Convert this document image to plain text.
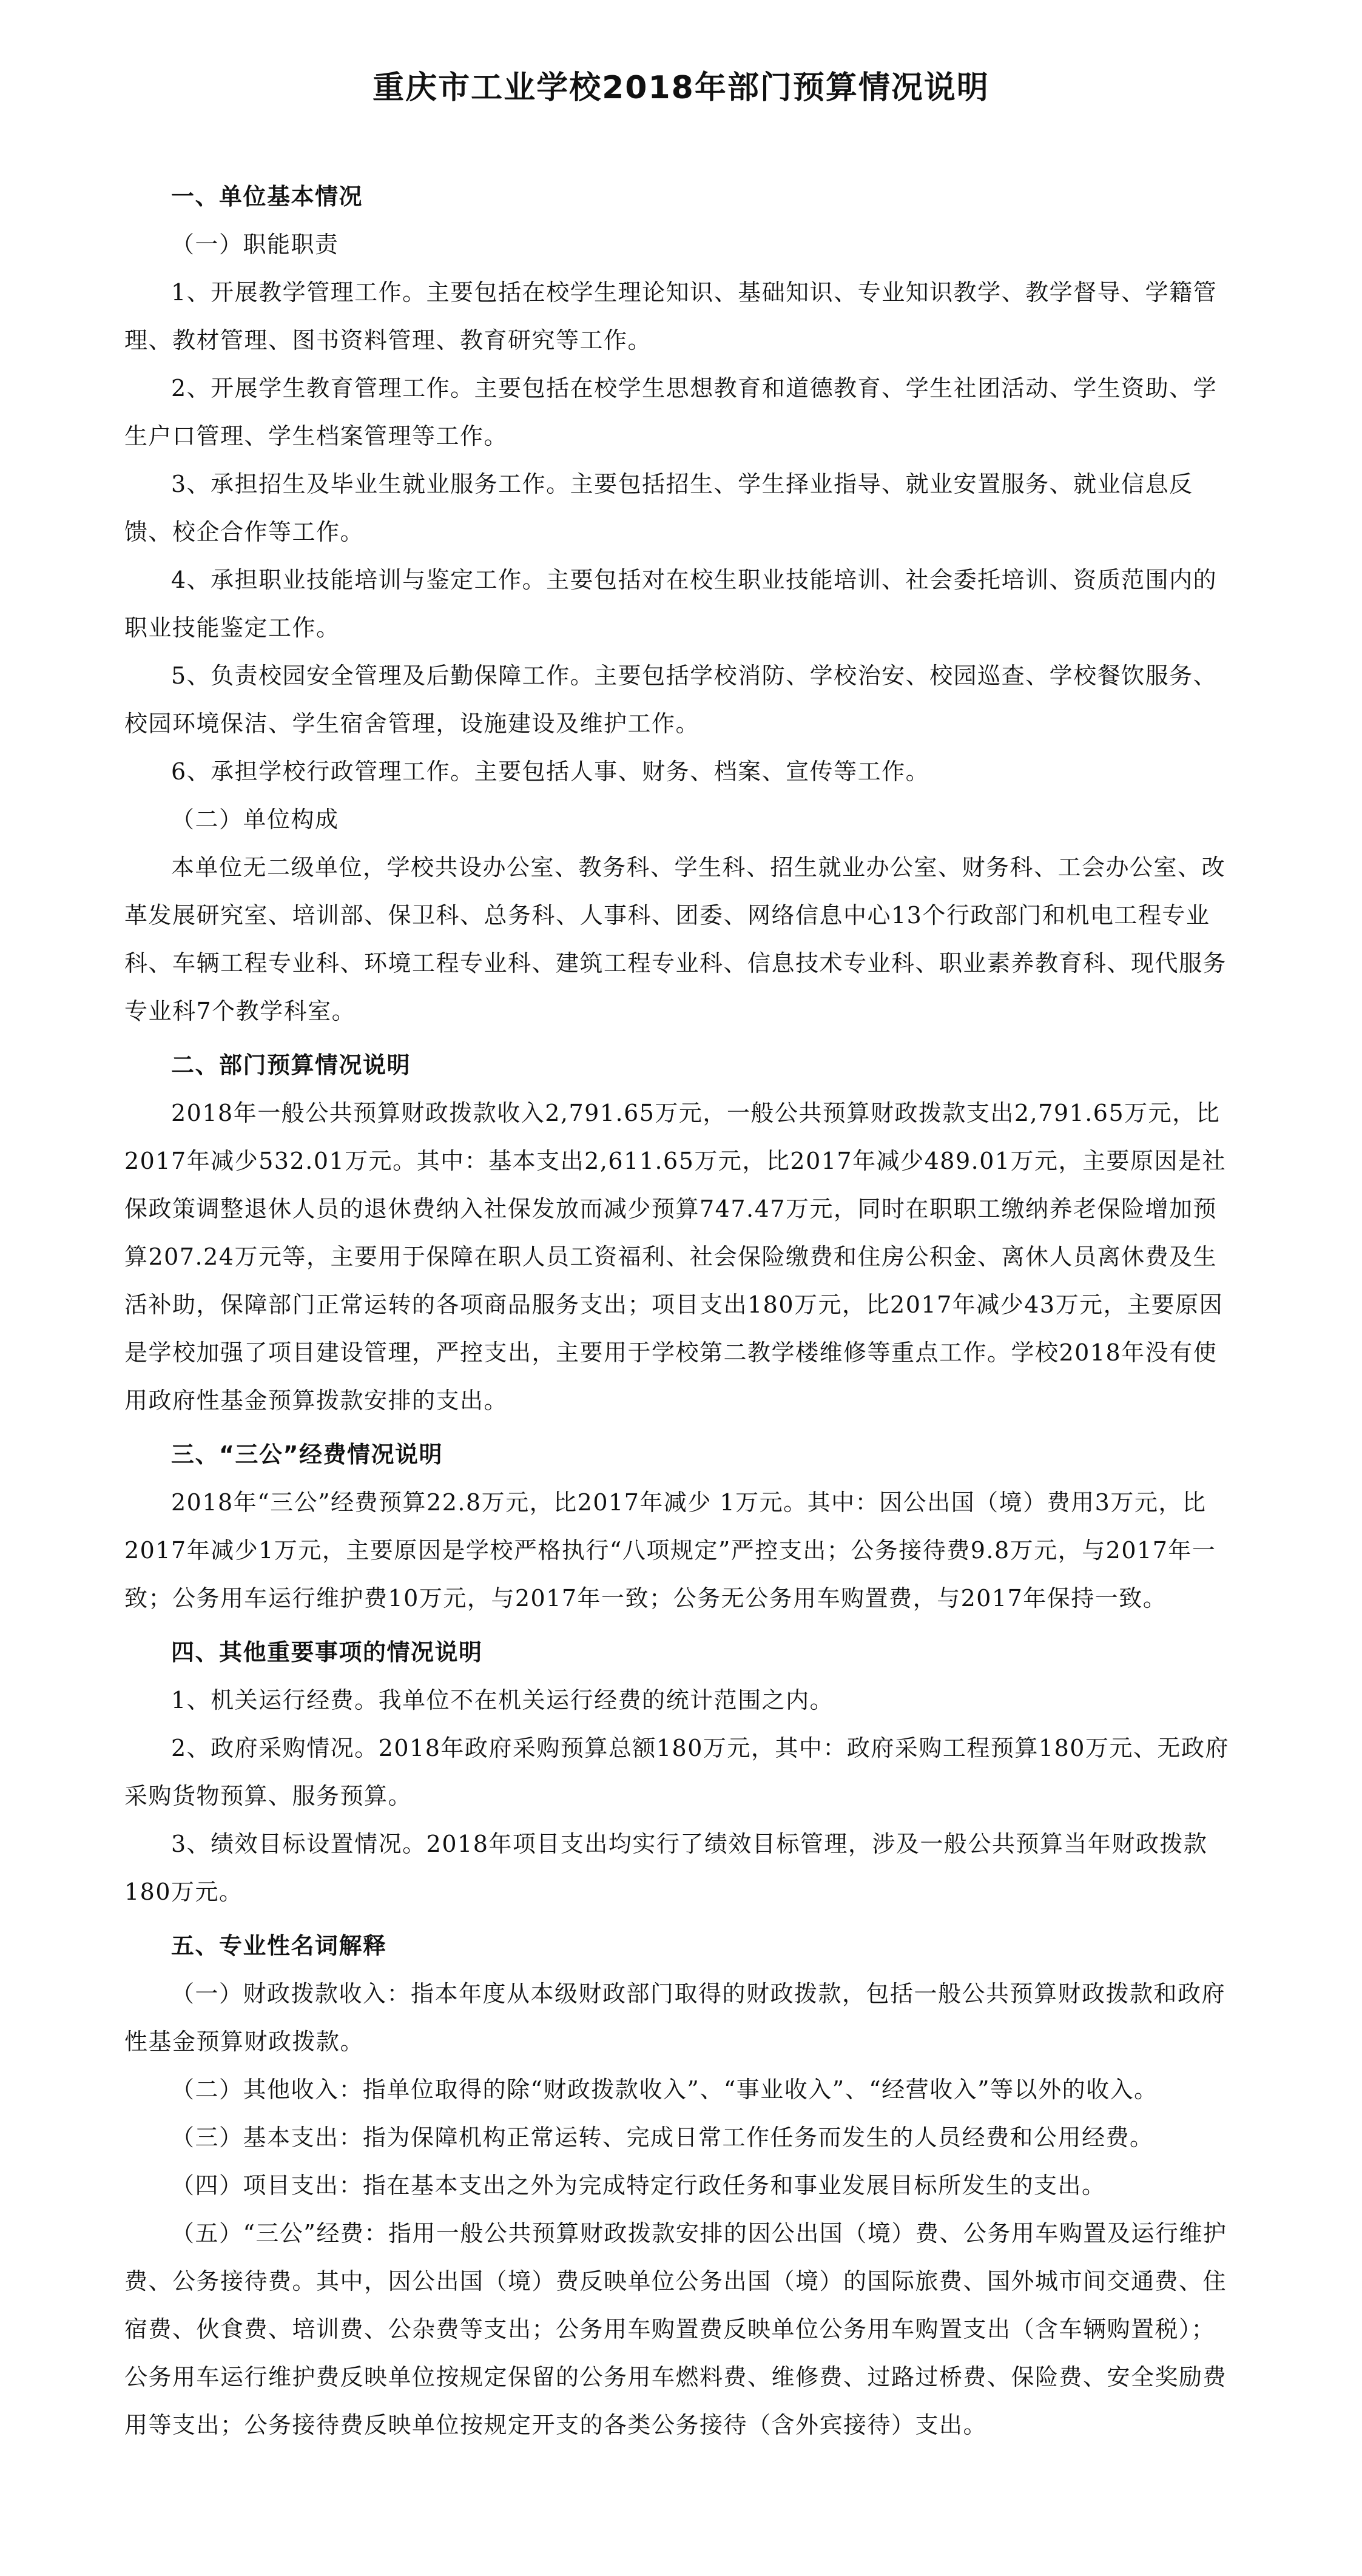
重庆市工业学校2018年部门预算情况说明

一、单位基本情况

（一）职能职责

1、开展教学管理工作。主要包括在校学生理论知识、基础知识、专业知识教学、教学督导、学籍管理、教材管理、图书资料管理、教育研究等工作。

2、开展学生教育管理工作。主要包括在校学生思想教育和道德教育、学生社团活动、学生资助、学生户口管理、学生档案管理等工作。

3、承担招生及毕业生就业服务工作。主要包括招生、学生择业指导、就业安置服务、就业信息反馈、校企合作等工作。

4、承担职业技能培训与鉴定工作。主要包括对在校生职业技能培训、社会委托培训、资质范围内的职业技能鉴定工作。

5、负责校园安全管理及后勤保障工作。主要包括学校消防、学校治安、校园巡查、学校餐饮服务、校园环境保洁、学生宿舍管理，设施建设及维护工作。

6、承担学校行政管理工作。主要包括人事、财务、档案、宣传等工作。

（二）单位构成

本单位无二级单位，学校共设办公室、教务科、学生科、招生就业办公室、财务科、工会办公室、改革发展研究室、培训部、保卫科、总务科、人事科、团委、网络信息中心13个行政部门和机电工程专业科、车辆工程专业科、环境工程专业科、建筑工程专业科、信息技术专业科、职业素养教育科、现代服务专业科7个教学科室。

二、部门预算情况说明

2018年一般公共预算财政拨款收入2,791.65万元，一般公共预算财政拨款支出2,791.65万元，比2017年减少532.01万元。其中：基本支出2,611.65万元，比2017年减少489.01万元，主要原因是社保政策调整退休人员的退休费纳入社保发放而减少预算747.47万元，同时在职职工缴纳养老保险增加预算207.24万元等，主要用于保障在职人员工资福利、社会保险缴费和住房公积金、离休人员离休费及生活补助，保障部门正常运转的各项商品服务支出；项目支出180万元，比2017年减少43万元，主要原因是学校加强了项目建设管理，严控支出，主要用于学校第二教学楼维修等重点工作。学校2018年没有使用政府性基金预算拨款安排的支出。

三、“三公”经费情况说明

2018年“三公”经费预算22.8万元，比2017年减少 1万元。其中：因公出国（境）费用3万元，比2017年减少1万元，主要原因是学校严格执行“八项规定”严控支出；公务接待费9.8万元，与2017年一致；公务用车运行维护费10万元，与2017年一致；公务无公务用车购置费，与2017年保持一致。

四、其他重要事项的情况说明

1、机关运行经费。我单位不在机关运行经费的统计范围之内。

2、政府采购情况。2018年政府采购预算总额180万元，其中：政府采购工程预算180万元、无政府采购货物预算、服务预算。

3、绩效目标设置情况。2018年项目支出均实行了绩效目标管理，涉及一般公共预算当年财政拨款180万元。

五、专业性名词解释

（一）财政拨款收入：指本年度从本级财政部门取得的财政拨款，包括一般公共预算财政拨款和政府性基金预算财政拨款。

（二）其他收入：指单位取得的除“财政拨款收入”、“事业收入”、“经营收入”等以外的收入。

（三）基本支出：指为保障机构正常运转、完成日常工作任务而发生的人员经费和公用经费。

（四）项目支出：指在基本支出之外为完成特定行政任务和事业发展目标所发生的支出。

（五）“三公”经费：指用一般公共预算财政拨款安排的因公出国（境）费、公务用车购置及运行维护费、公务接待费。其中，因公出国（境）费反映单位公务出国（境）的国际旅费、国外城市间交通费、住宿费、伙食费、培训费、公杂费等支出；公务用车购置费反映单位公务用车购置支出（含车辆购置税）；公务用车运行维护费反映单位按规定保留的公务用车燃料费、维修费、过路过桥费、保险费、安全奖励费用等支出；公务接待费反映单位按规定开支的各类公务接待（含外宾接待）支出。
